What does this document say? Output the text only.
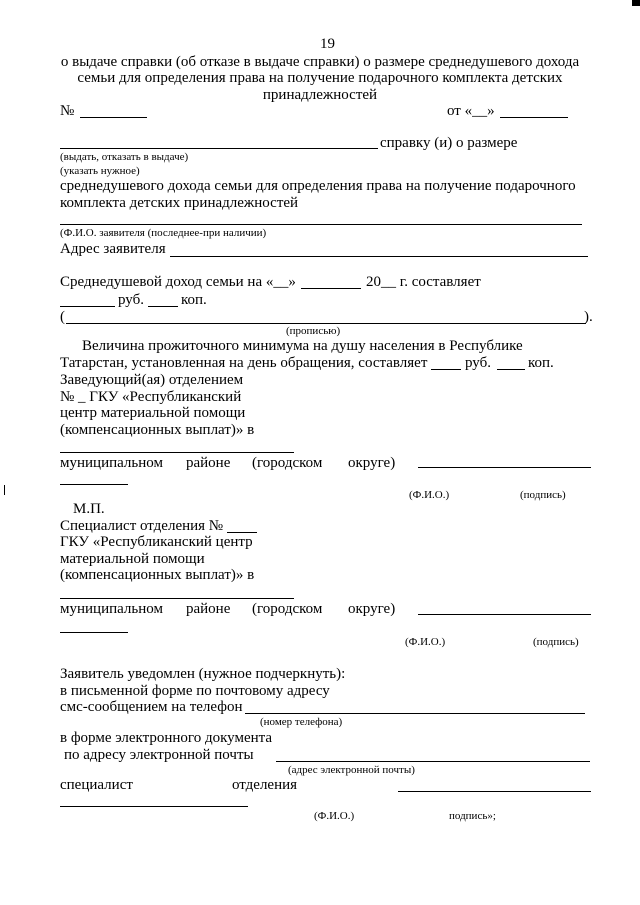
19
о выдаче справки (об отказе в выдаче справки) о размере среднедушевого дохода
семьи для определения права на получение подарочного комплекта детских
принадлежностей
№	от «__»
справку (и) о размере
(выдать, отказать в выдаче)
(указать нужное)
среднедушевого дохода семьи для определения права на получение подарочного
комплекта детских принадлежностей
(Ф.И.О. заявителя (последнее-при наличии)
Адрес заявителя
Среднедушевой доход семьи на «__»	20__ г. составляет
руб. коп.
(	).
(прописью)
Величина прожиточного минимума на душу населения в Республике
Татарстан, установленная на день обращения, составляет	руб. коп.
Заведующий(ая) отделением
№ _ ГКУ «Республиканский
центр материальной помощи
(компенсационных выплат)» в
муниципальном районе (городском округе)
(Ф.И.О.)	(подпись)
М.П.
Специалист отделения №
ГКУ «Республиканский центр
материальной помощи
(компенсационных выплат)» в
муниципальном районе (городском округе)
(Ф.И.О.)	(подпись)
Заявитель уведомлен (нужное подчеркнуть):
в письменной форме по почтовому адресу
смс-сообщением на телефон
(номер телефона)
в форме электронного документа
по адресу электронной почты
(адрес электронной почты)
специалист	отделения
(Ф.И.О.)	подпись»;
